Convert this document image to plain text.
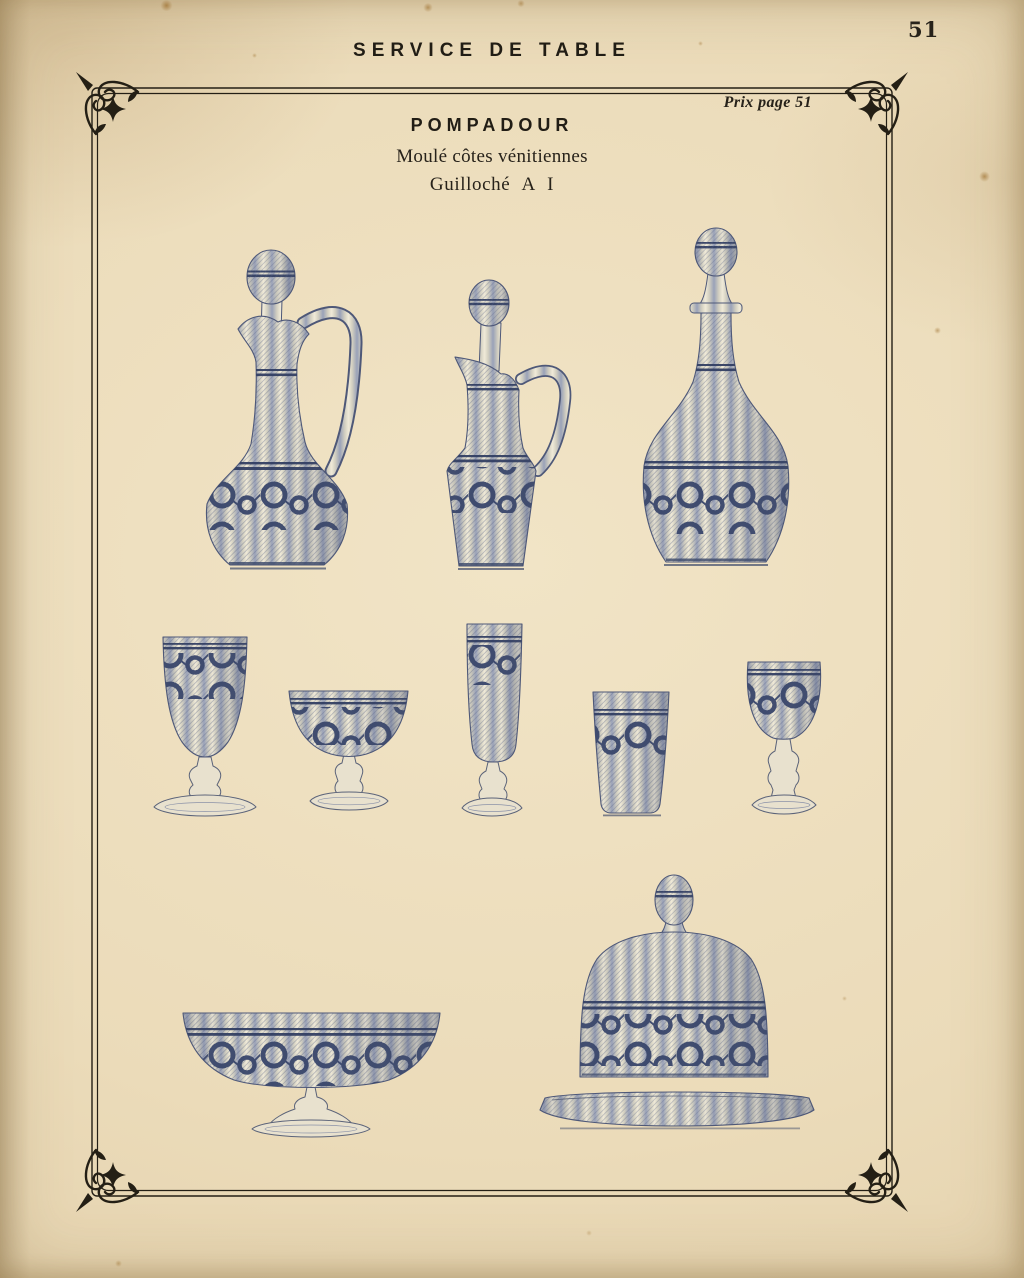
51
SERVICE DE TABLE
Prix page 51
POMPADOUR
Moulé côtes vénitiennes
Guilloché A I
